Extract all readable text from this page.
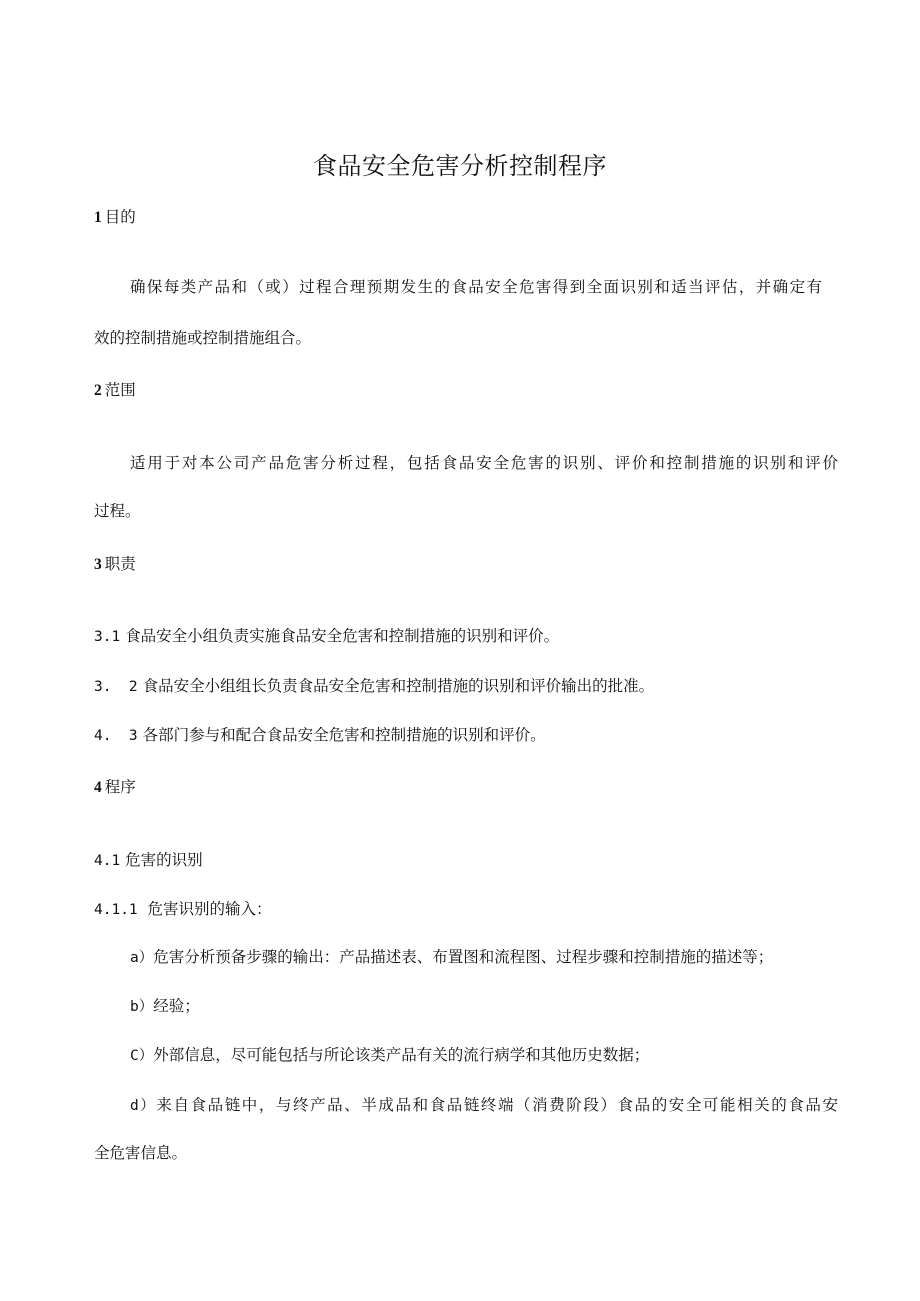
食品安全危害分析控制程序

1 目的

确保每类产品和（或）过程合理预期发生的食品安全危害得到全面识别和适当评估，并确定有

效的控制措施或控制措施组合。

2 范围

适用于对本公司产品危害分析过程，包括食品安全危害的识别、评价和控制措施的识别和评价

过程。

3 职责

3.1 食品安全小组负责实施食品安全危害和控制措施的识别和评价。

3.  2 食品安全小组组长负责食品安全危害和控制措施的识别和评价输出的批准。

4.  3 各部门参与和配合食品安全危害和控制措施的识别和评价。

4 程序

4.1 危害的识别

4.1.1 危害识别的输入：

a）危害分析预备步骤的输出：产品描述表、布置图和流程图、过程步骤和控制措施的描述等；

b）经验；

C）外部信息，尽可能包括与所论该类产品有关的流行病学和其他历史数据；

d）来自食品链中，与终产品、半成品和食品链终端（消费阶段）食品的安全可能相关的食品安

全危害信息。
